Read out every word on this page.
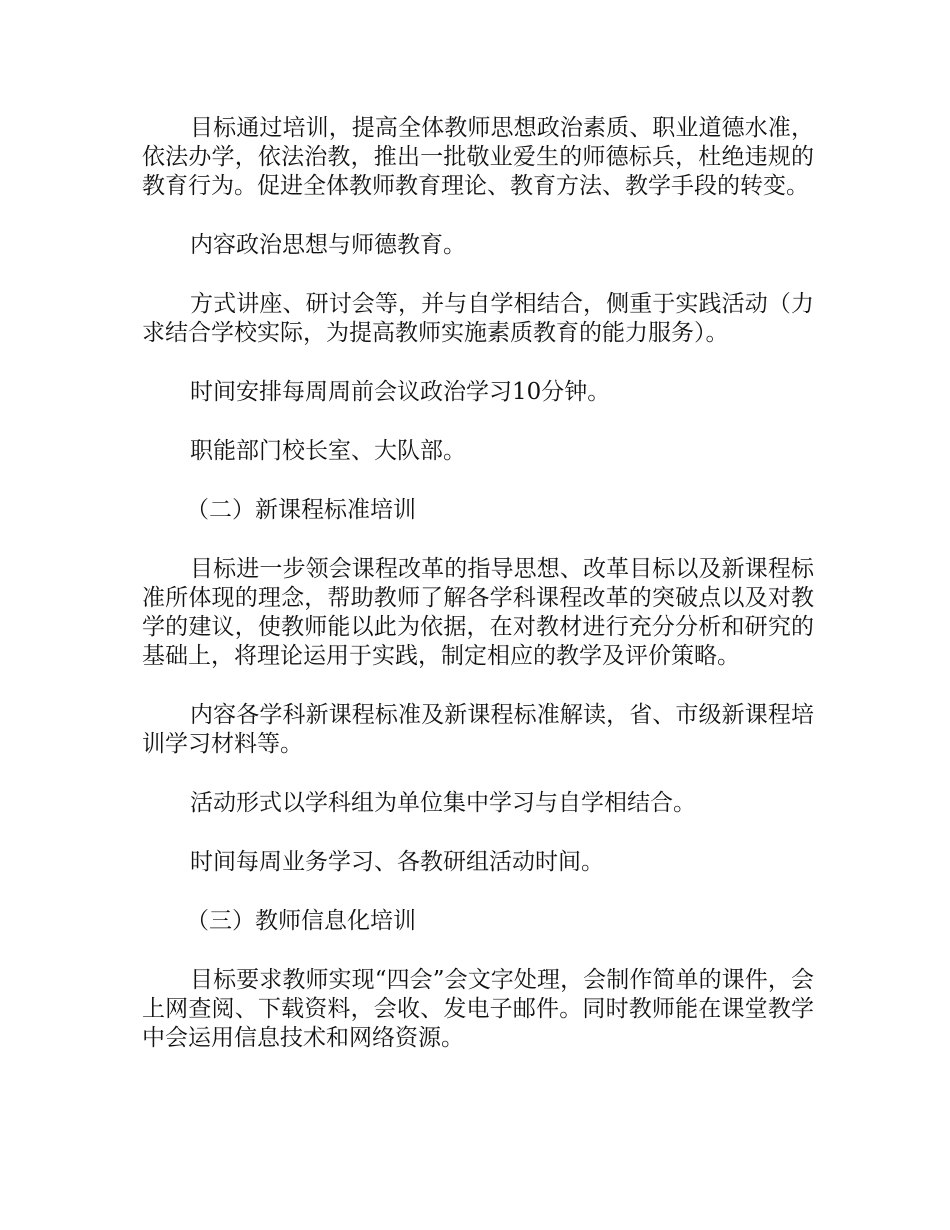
目标通过培训，提高全体教师思想政治素质、职业道德水准，依法办学，依法治教，推出一批敬业爱生的师德标兵，杜绝违规的教育行为。促进全体教师教育理论、教育方法、教学手段的转变。

内容政治思想与师德教育。

方式讲座、研讨会等，并与自学相结合，侧重于实践活动（力求结合学校实际，为提高教师实施素质教育的能力服务）。

时间安排每周周前会议政治学习10分钟。

职能部门校长室、大队部。

（二）新课程标准培训

目标进一步领会课程改革的指导思想、改革目标以及新课程标准所体现的理念，帮助教师了解各学科课程改革的突破点以及对教学的建议，使教师能以此为依据，在对教材进行充分分析和研究的基础上，将理论运用于实践，制定相应的教学及评价策略。

内容各学科新课程标准及新课程标准解读，省、市级新课程培训学习材料等。

活动形式以学科组为单位集中学习与自学相结合。

时间每周业务学习、各教研组活动时间。

（三）教师信息化培训

目标要求教师实现“四会”会文字处理，会制作简单的课件，会上网查阅、下载资料，会收、发电子邮件。同时教师能在课堂教学中会运用信息技术和网络资源。
